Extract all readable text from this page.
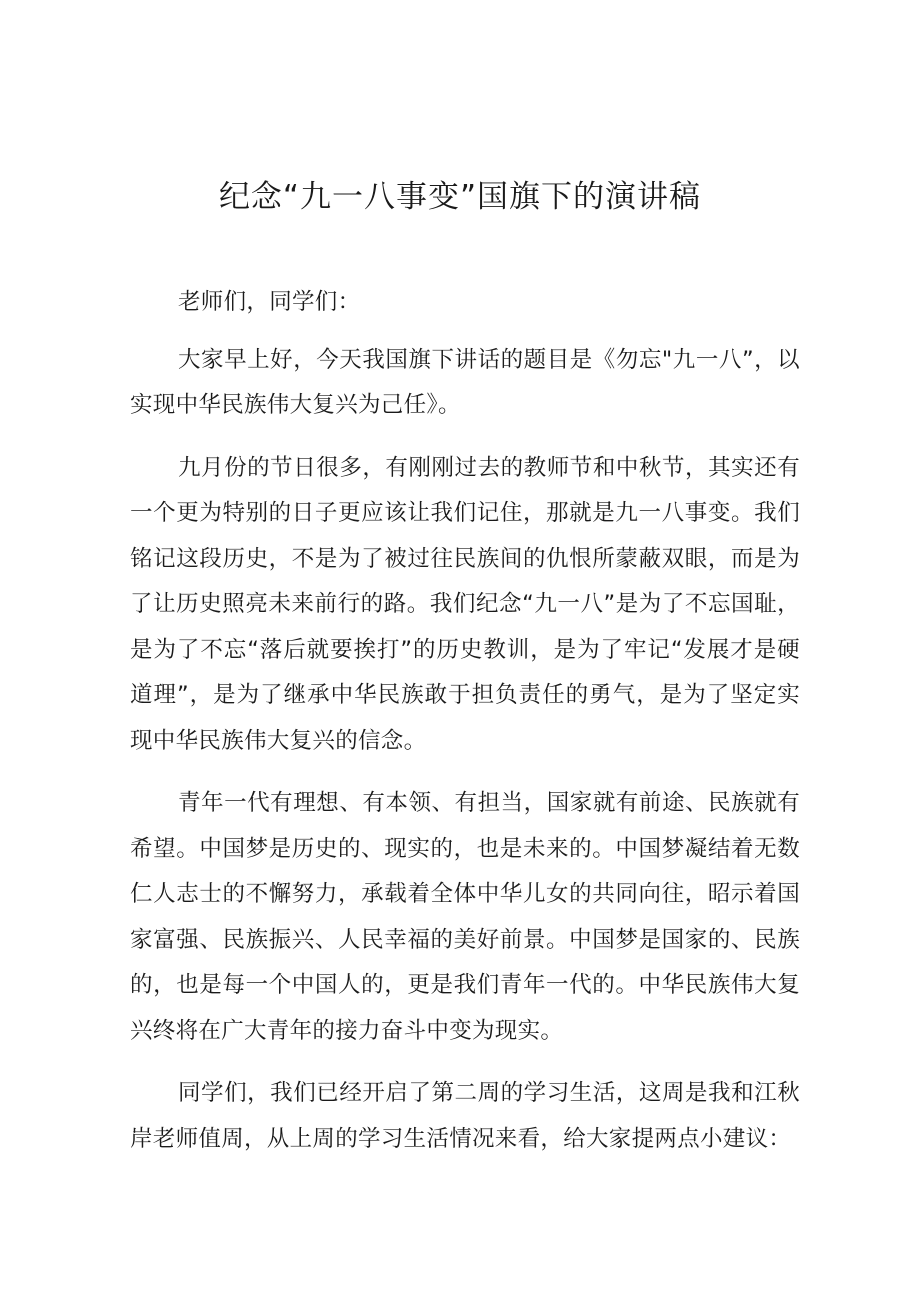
纪念“九一八事变”国旗下的演讲稿

老师们，同学们：

大家早上好，今天我国旗下讲话的题目是《勿忘"九一八”，以实现中华民族伟大复兴为己任》。

九月份的节日很多，有刚刚过去的教师节和中秋节，其实还有一个更为特别的日子更应该让我们记住，那就是九一八事变。我们铭记这段历史，不是为了被过往民族间的仇恨所蒙蔽双眼，而是为了让历史照亮未来前行的路。我们纪念“九一八”是为了不忘国耻，是为了不忘“落后就要挨打”的历史教训，是为了牢记“发展才是硬道理”，是为了继承中华民族敢于担负责任的勇气，是为了坚定实现中华民族伟大复兴的信念。

青年一代有理想、有本领、有担当，国家就有前途、民族就有希望。中国梦是历史的、现实的，也是未来的。中国梦凝结着无数仁人志士的不懈努力，承载着全体中华儿女的共同向往，昭示着国家富强、民族振兴、人民幸福的美好前景。中国梦是国家的、民族的，也是每一个中国人的，更是我们青年一代的。中华民族伟大复兴终将在广大青年的接力奋斗中变为现实。

同学们，我们已经开启了第二周的学习生活，这周是我和江秋岸老师值周，从上周的学习生活情况来看，给大家提两点小建议：
